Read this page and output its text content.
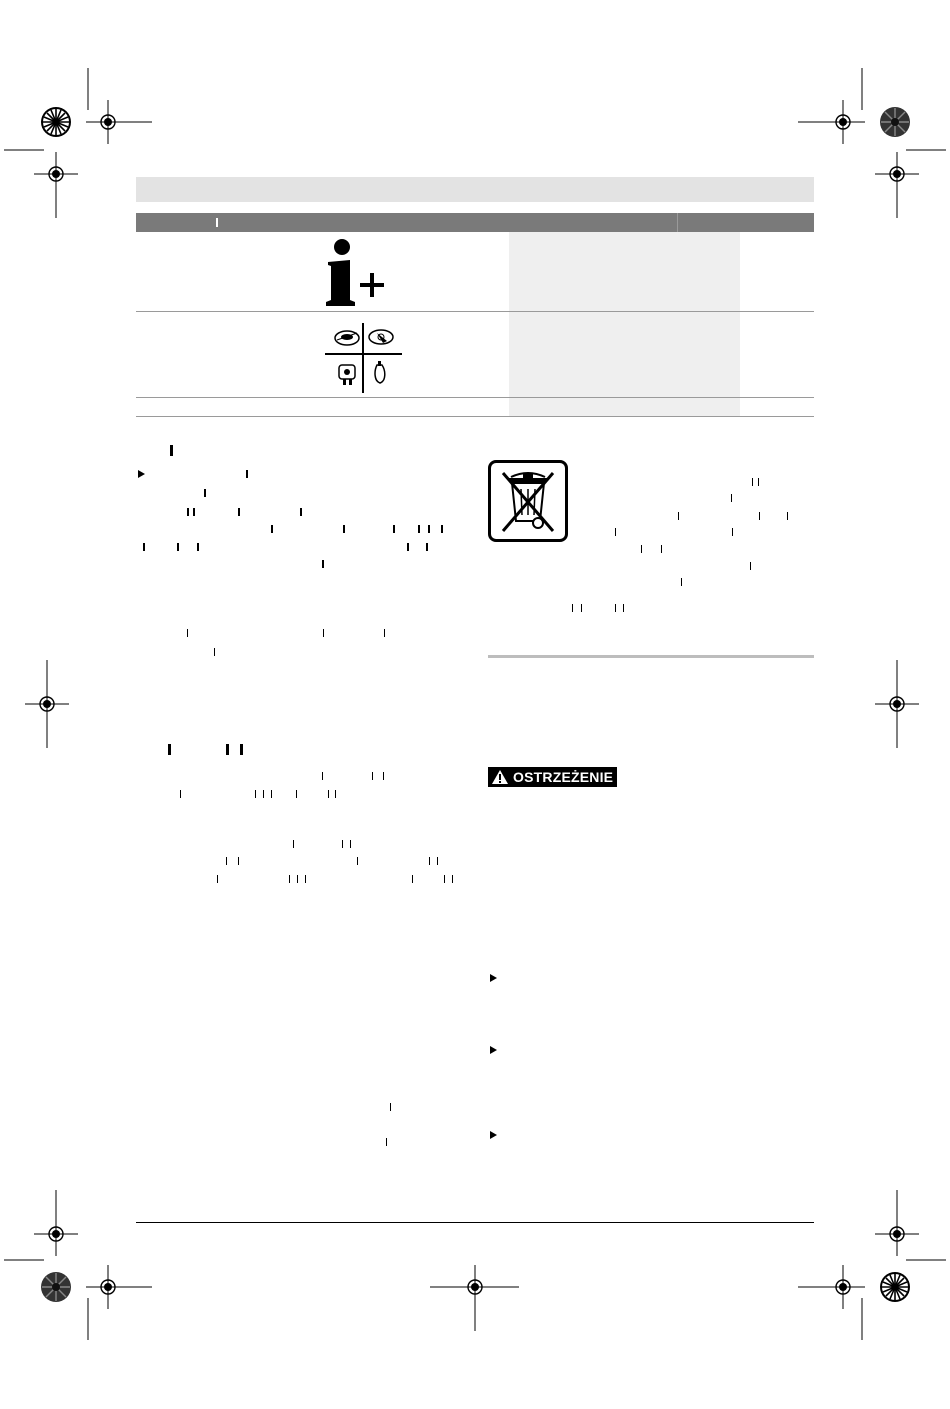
OSTRZEŻENIE
